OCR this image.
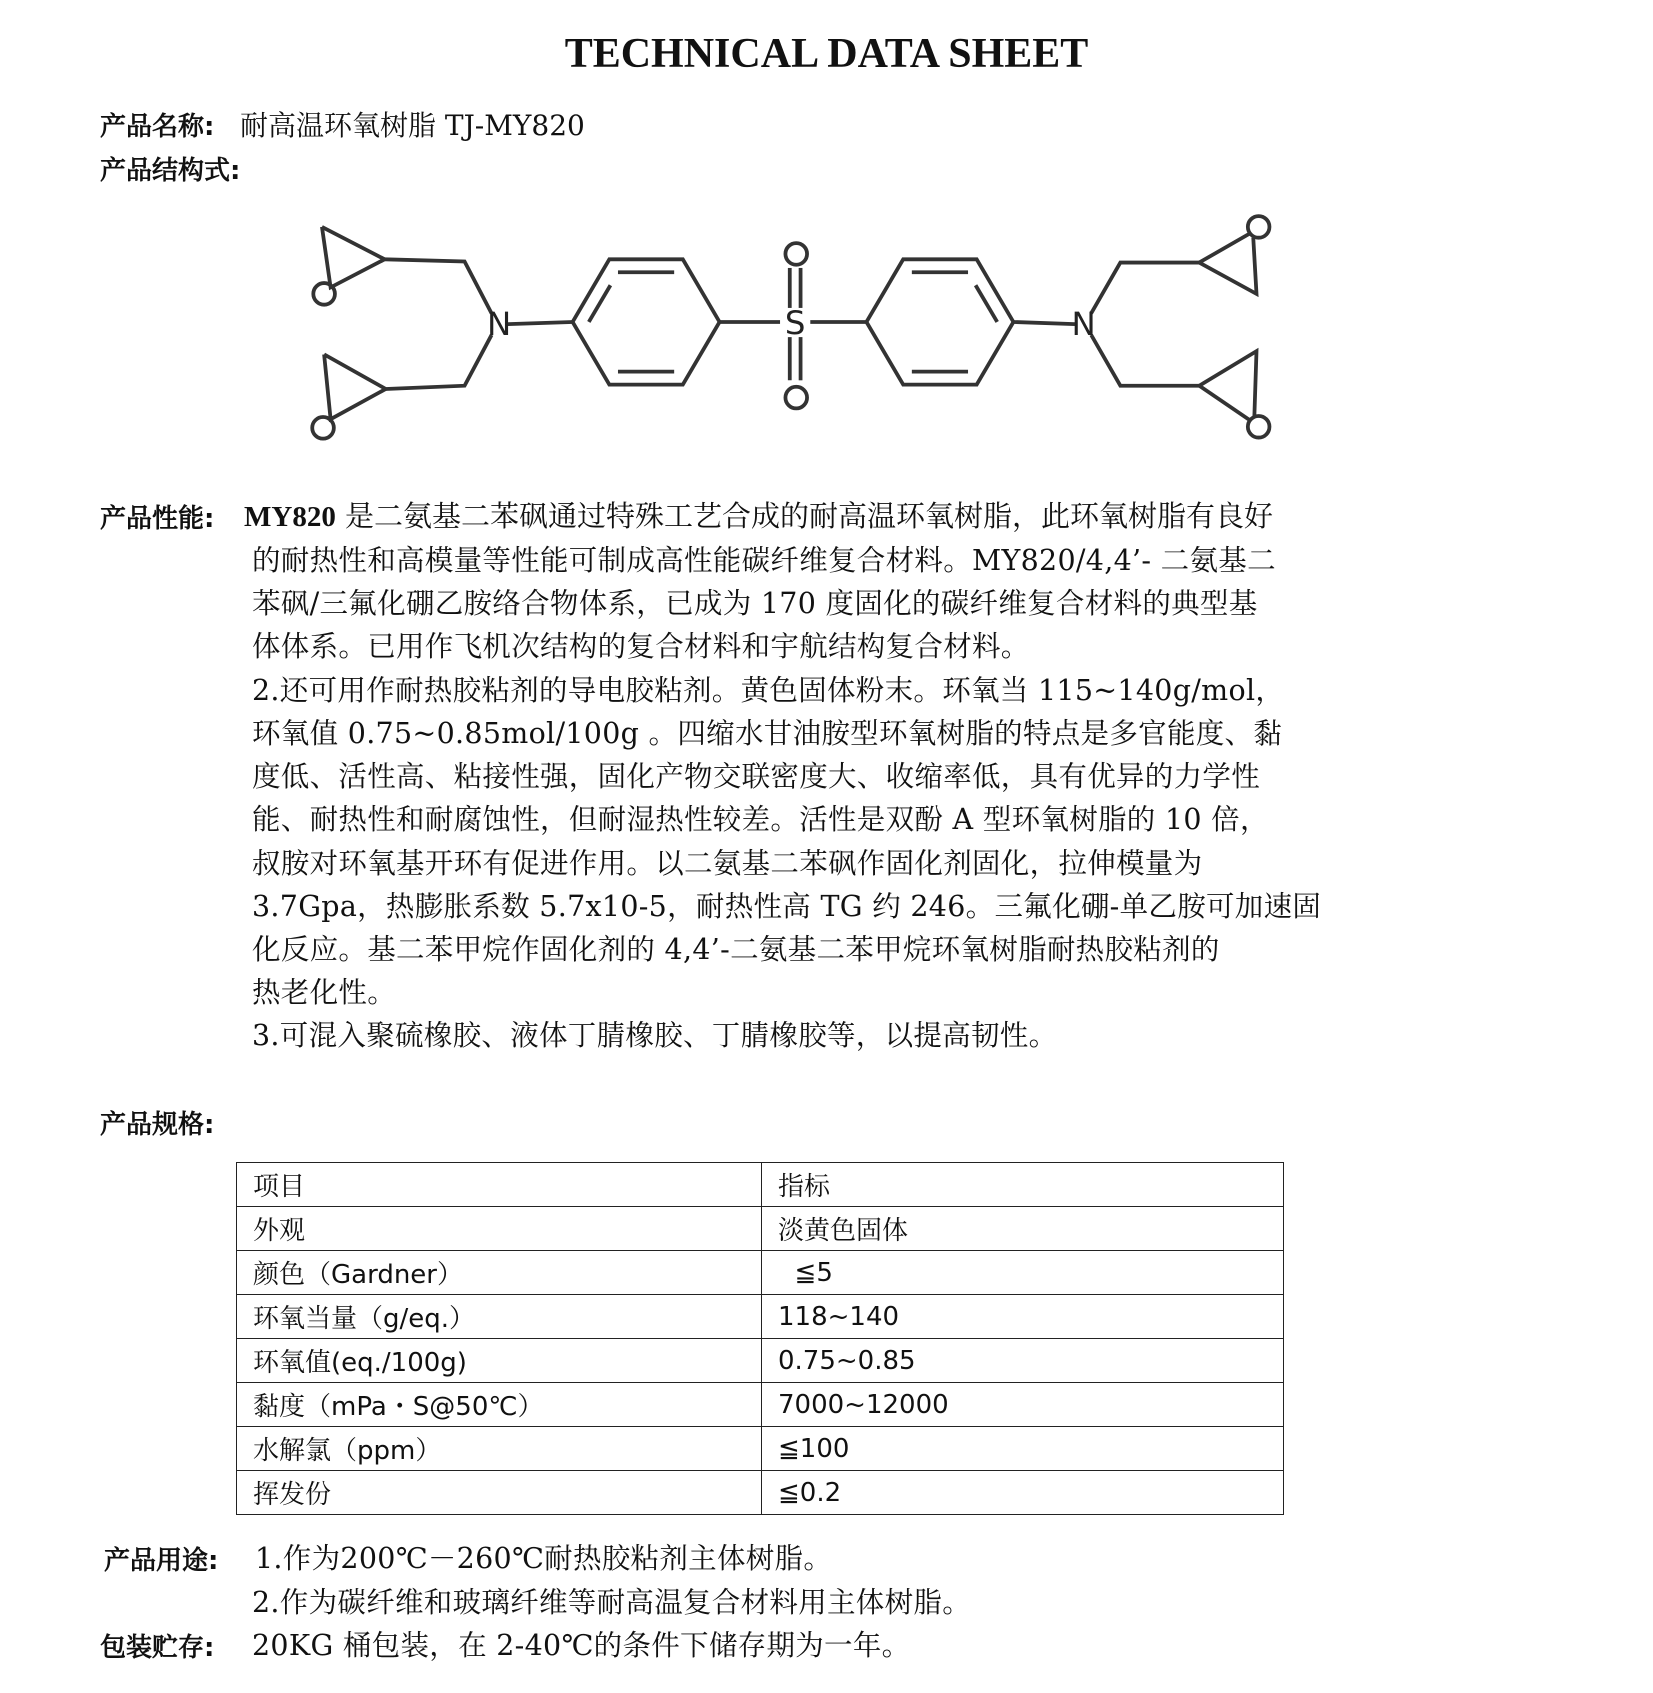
TECHNICAL DATA SHEET
产品名称: 耐高温环氧树脂 TJ-MY820
产品结构式:
N	N
S
产品性能: MY820 是二氨基二苯砜通过特殊工艺合成的耐高温环氧树脂，此环氧树脂有良好
的耐热性和高模量等性能可制成高性能碳纤维复合材料。MY820/4,4’- 二氨基二
苯砜/三氟化硼乙胺络合物体系，已成为 170 度固化的碳纤维复合材料的典型基
体体系。已用作飞机次结构的复合材料和宇航结构复合材料。
2.还可用作耐热胶粘剂的导电胶粘剂。黄色固体粉末。环氧当 115~140g/mol，
环氧值 0.75~0.85mol/100g 。四缩水甘油胺型环氧树脂的特点是多官能度、黏
度低、活性高、粘接性强，固化产物交联密度大、收缩率低，具有优异的力学性
能、耐热性和耐腐蚀性，但耐湿热性较差。活性是双酚 A 型环氧树脂的 10 倍，
叔胺对环氧基开环有促进作用。以二氨基二苯砜作固化剂固化，拉伸模量为
3.7Gpa，热膨胀系数 5.7x10-5，耐热性高 TG 约 246。三氟化硼-单乙胺可加速固
化反应。基二苯甲烷作固化剂的 4,4’-二氨基二苯甲烷环氧树脂耐热胶粘剂的
热老化性。
3.可混入聚硫橡胶、液体丁腈橡胶、丁腈橡胶等，以提高韧性。
产品规格:
项目	指标
外观	淡黄色固体
颜色（Gardner）	≦5
环氧当量（g/eq.）	118~140
环氧值(eq./100g)	0.75~0.85
黏度（mPa・S@50℃）	7000~12000
水解氯（ppm）	≦100
挥发份	≦0.2
产品用途: 1.作为200℃－260℃耐热胶粘剂主体树脂。
2.作为碳纤维和玻璃纤维等耐高温复合材料用主体树脂。
包装贮存: 20KG 桶包装，在 2-40℃的条件下储存期为一年。
